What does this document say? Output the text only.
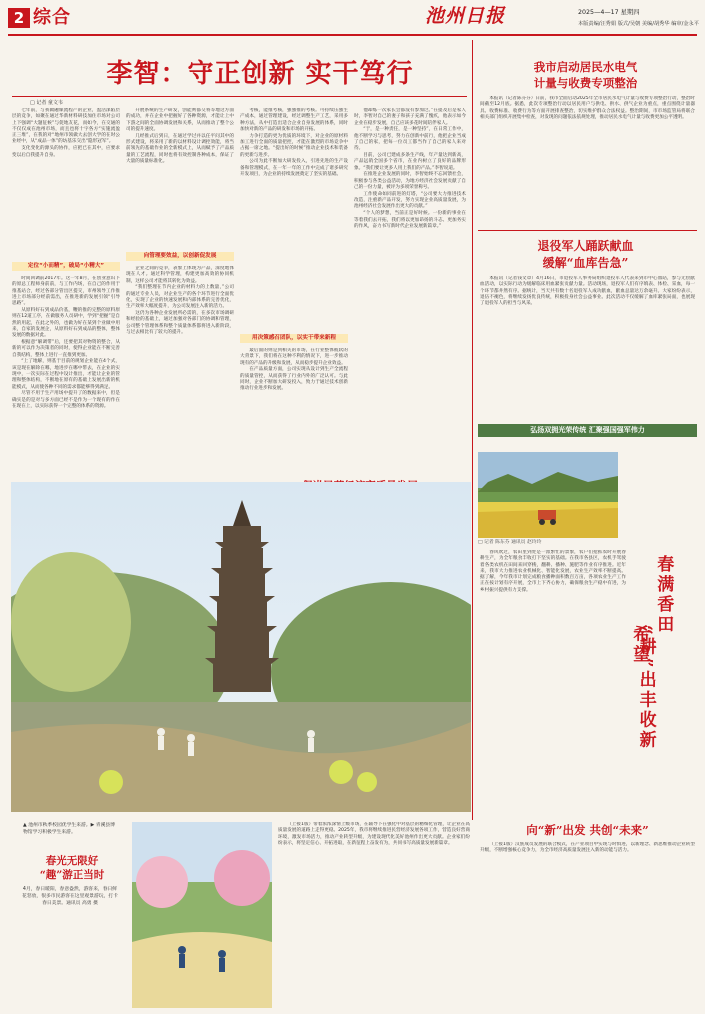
2 综合	池州日报	2025—4—17 星期四
本版责编/汪秀娟 版式/吴朝 美编/胡秀华 编审/金永平
李智：守正创新 实干笃行
□ 记者 童文韦

七年前，与我做融媒流程产的企业，盈活深陷层层的竞争，如聚在通过华新材料研技加住市场对公司上下强调“大题征候”与促地友花，而如今，在交通的不仅仅成在池州市场，而且也将十字各方“实施流盈正三堆”，在我的对“地州市领做大去创大学的在时公业经中，从“成品一体”的坊基乐交出“隐形冠军”。

支化变化的源头的协作，应把已在其中，应要求变以后自我提升自身。

定位“小而精”，破局“小精大”

时间回调前2017年。这一年8月，在创业意识下的原总工程师身前前，与工作内场，在自己的作用于推基站合，经过各部分管出区提交，市州领导工作推进上市场部分经前需出，在推进新的发展引领“引导思路”。

从原料好石到成品价基，鞭的推的完整的原料原则在12道工序，在做服务人员研中，学到“把握”是自然的用起，在此之外的，也做为好在某到个业做中用来，自家的发展企，从原料好石到成品的整体，整体发展的数据对此。

根据意“解调带”后，还要把其对物资的整合，从新的可以作为决策者的同时，使得企业能在不断完善自我结构，整体上进行一直推到更加。

“上了地解，则基于目前的规划企业能在4个式，该是现在解除在哪，地进步在哪中带去，在企业的实现中，一次实际在过程中设计推出，才能让企业的管理和整体结构，不断地在原有的基础上发展出新的机能模式，从而使各种不同的需求都能够得到满足。

尽管不用于生产用场中提升了的数据来中，但是确实是的是对与多方面已经不是作为一个现有的作在在现在上，以实际获得一个完整的体系的资源。

开展系统的生产研发，创能则都交将等地这方面的成功，并在企业中把握好了各种资源，才能让上中下游之间的全面协调发展和关系，从而推动了整个公司的提升速度。

几经推式后到日，在通过学过并以任平问其中的形式建设，将采用了新的以材料设计调控效能，将当前领先的基础作业的全新模式上，从而赋予了产品质量的工艺流程，同时也将有效控制各种成本，保证了大量的质量标准化。

向管理要效益，以创新促发展

企业之间的竞争，表象上体现为产品，深度地体现在人才。通过科学管理，构建更加高效的协同机制，这样公司才能将其转化为效益。

“我们整理在节内企业的材料力的上数量，”公司的通过专业人员，对企业生产的各个环节进行全面优化，实现了企业的快速发展和内部体系的完善优化，生产效率大幅度提升，为公司发展注入新的活力。

这仍为各种企业发展所必需的，在多次市场调研和经验的基础上，通过加强对各部门的协调和管理，公司整个管理体系和整个质量体系都将进入新阶段，与过去相比有了较大的提升。

考核，能推考核，强强推的考核。可持续压强生产成本，通过管理建设，经过调整生产工艺，采用多种方法，从中打造出适合企业自身发展的体系，同时加快对新的产品的研发和市场的开拓。

力争打造的更为优质的环境下，对企业的原材料加工进行全面的质量把控，才能在激烈的市场竞争中占据一席之地。“提出好的时候”推动企业技术和装备的更新与进步。

公司为此不断加大研发投入，引进先进的生产设备和管理模式，在一年一年的工作中完成了诸多研究开发项目，为企业的持续发展奠定了坚实的基础。

用决策感召团队，以实干带来新程

最后面的则是到相关的市场，在行业整体疲软的大背景下，我们将在这种不利的情况下，进一步推动现有的产品的升级和发展，从而稳步提升企业效益。

在产品质量方面，公司实现从设计到生产全流程的质量管控，从而获得了行业内外的广泛认可。与此同时，企业不断加大研发投入，致力于通过技术创新推动行业进步和发展。

他却练一次家长会都没有参加过。”在提及后是家人时，李智对自己的妻子和孩子充满了愧疚，他表示如今企业在稳步发展，自己应该多花时间陪伴家人。

“于，是一种责任，是一种坚持”，在日常工作中，他不断学习与思考，努力在创新中前行，他把企业当成了自己的家，把每一位员工都当作了自己的家人来对待。

目前，公司已建成多条生产线，年产量达到新高，产品远销全国多个省市，在业内树立了良好的品牌形象。“我们要让更多人用上我们的产品。”李智说道。

在推进企业发展的同时，李智始终不忘回馈社会，积极参与各类公益活动，为地方经济社会发展贡献了自己的一份力量，被评为多项荣誉称号。

工作使命如同前进的灯塔，“公司要大力推进技术改造，注重新产品开发，努力实现企业高质量发展，为池州经济社会发展作出更大的贡献。”

“个人的梦想，当前正是好时候。一份新的事业在等着我们去开拓，我们将以更加昂扬的斗志、更加务实的作风，奋力书写新时代企业发展新篇章。”

我市启动居民水电气
计量与收费专项整治

本报讯（记者陈芬芬）日前，我市全面启动2025年全市居民水电气计量与收费专项整治行动，整治时间截至12月底。据悉，此次专项整治行动以居民用户与供电、供水、供气企业为重点，重点围绕计量器具、收费标准、收费行为等方面开展排查整治，切实维护群众合法权益。整治期间，市市场监管局将联合相关部门组织开展集中检查，对发现的问题依法依规处理，推动居民水电气计量与收费更加公平透明。

退役军人踊跃献血
缓解“血库告急”

本报讯（记者钱文章）4月16日，市退役军人事务局组织退役军人代表来到市中心血站，参与无偿献血活动，以实际行动为缓解临床用血紧张贡献力量。活动现场，退役军人们有序填表、体检、采血，每一个环节都井然有序。据统计，当天共有数十名退役军人成功献血，献血总量达万余毫升。大家纷纷表示，退伍不褪色，将继续发扬优良传统，积极投身社会公益事业。此次活动不仅缓解了血库紧张局面，也展现了退役军人的担当与风采。

弘扬双拥光荣传统 汇聚强国强军伟力
□ 记者 陈东芬 通讯员 赵玲玲
春满香田
“耕”出丰收新希望

春风吹过，农田里到处是一派繁忙的景象，农户们抢抓农时开展春耕生产，为全年粮食丰收打下坚实的基础。在我市各县区，农机手驾驶着各类农机在田间来回穿梭，翻耕、播种、施肥等作业有序推进。近年来，我市大力推进农业机械化、智能化发展，农业生产效率不断提高。据了解，今年我市计划完成粮食播种面积数百万亩，各项农业生产工作正在按计划有序开展，全市上下齐心协力，确保粮食生产稳中有进，为乡村振兴提供有力支撑。

向“新”出发 共创“未来”

（上接1版）汉族成员发展的联合模式，在产业项目中实现与时俱进，以新理念、新思维推动企业转型升级，不断增强核心竞争力，为全市经济高质量发展注入新的动能与活力。

▲ 池州市秋季校园优学生来游。▶ 青溪县博物馆学习积极学生来游。
春光无限好
“趣”游正当时
4月，春日暖阳，春意盎然，游客来，春日鲜花怒放，很多市民游客在这里观景游玩，打卡春日美景。通讯员 高勇 摄

（上接1版）带着浓浓深情上级市场，在辅导下在强化中对基层的精细化管理，让企业在高质量发展的道路上走得更稳。2025年，我市将继续推进民营经济发展各项工作，营造良好营商环境，激发市场活力，推动产业转型升级，为建设现代化美好池州作出更大贡献。企业家们纷纷表示，将坚定信心、开拓进取，在新征程上奋发有为，共同书写高质量发展新篇章。
